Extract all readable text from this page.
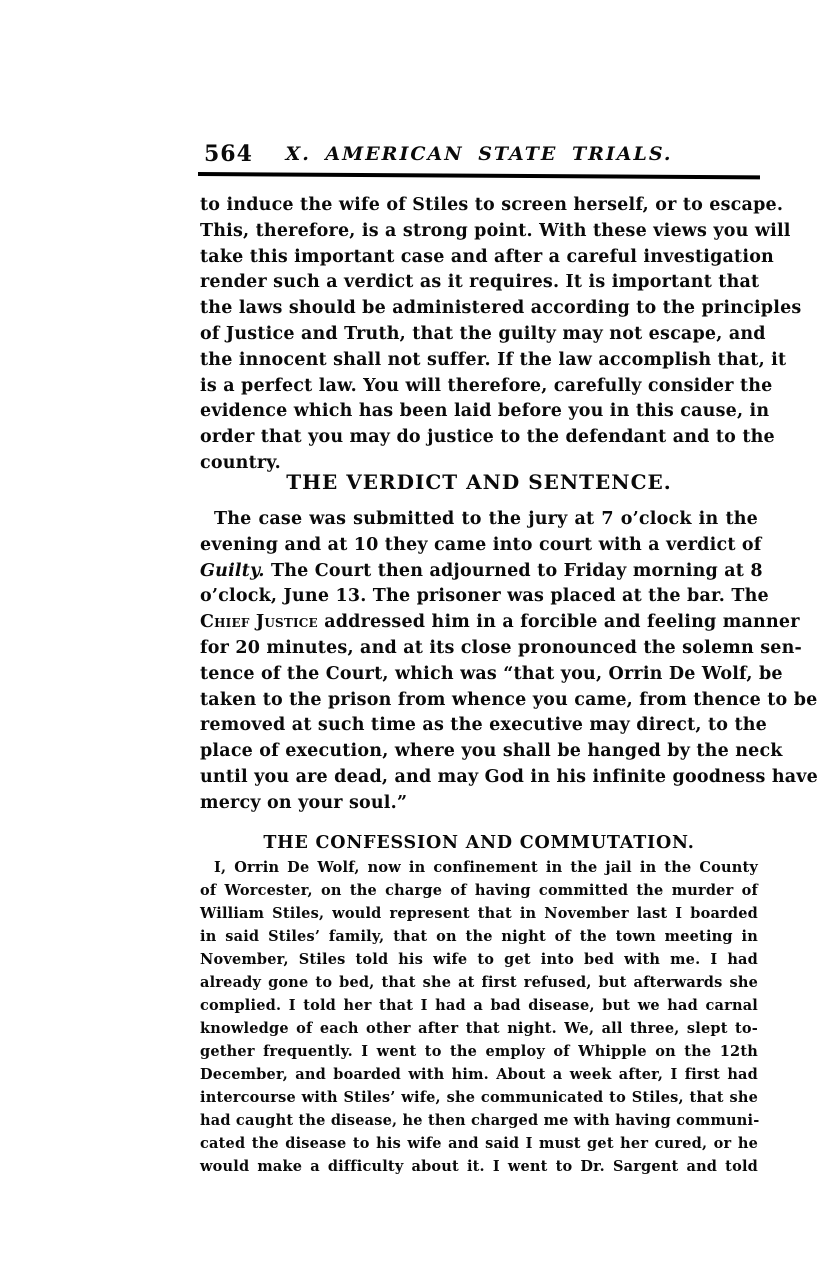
564	X. AMERICAN STATE TRIALS.
to induce the wife of Stiles to screen herself, or to escape.
This, therefore, is a strong point. With these views you will
take this important case and after a careful investigation
render such a verdict as it requires. It is important that
the laws should be administered according to the principles
of Justice and Truth, that the guilty may not escape, and
the innocent shall not suffer. If the law accomplish that, it
is a perfect law. You will therefore, carefully consider the
evidence which has been laid before you in this cause, in
order that you may do justice to the defendant and to the
country.
THE VERDICT AND SENTENCE.
The case was submitted to the jury at 7 o’clock in the
evening and at 10 they came into court with a verdict of
Guilty. The Court then adjourned to Friday morning at 8
o’clock, June 13. The prisoner was placed at the bar. The
Chief Justice addressed him in a forcible and feeling manner
for 20 minutes, and at its close pronounced the solemn sen-
tence of the Court, which was “that you, Orrin De Wolf, be
taken to the prison from whence you came, from thence to be
removed at such time as the executive may direct, to the
place of execution, where you shall be hanged by the neck
until you are dead, and may God in his infinite goodness have
mercy on your soul.”
THE CONFESSION AND COMMUTATION.
I, Orrin De Wolf, now in confinement in the jail in the County
of Worcester, on the charge of having committed the murder of
William Stiles, would represent that in November last I boarded
in said Stiles’ family, that on the night of the town meeting in
November, Stiles told his wife to get into bed with me. I had
already gone to bed, that she at first refused, but afterwards she
complied. I told her that I had a bad disease, but we had carnal
knowledge of each other after that night. We, all three, slept to-
gether frequently. I went to the employ of Whipple on the 12th
December, and boarded with him. About a week after, I first had
intercourse with Stiles’ wife, she communicated to Stiles, that she
had caught the disease, he then charged me with having communi-
cated the disease to his wife and said I must get her cured, or he
would make a difficulty about it. I went to Dr. Sargent and told
